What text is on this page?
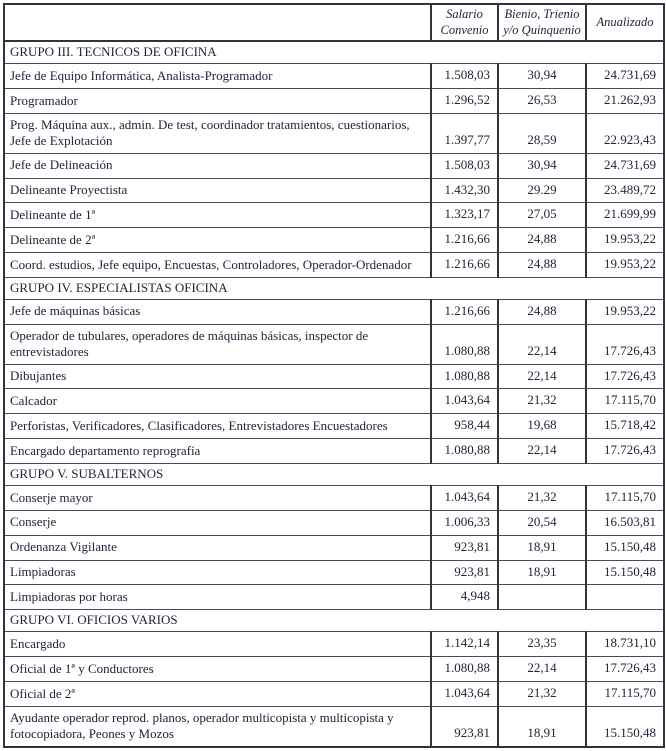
	Salario Convenio	Bienio, Trienio y/o Quinquenio	Anualizado
GRUPO III. TECNICOS DE OFICINA			
Jefe de Equipo Informática, Analista-Programador	1.508,03	30,94	24.731,69
Programador	1.296,52	26,53	21.262,93
Prog. Máquina aux., admin. De test, coordinador tratamientos, cuestionarios, Jefe de Explotación	1.397,77	28,59	22.923,43
Jefe de Delineación	1.508,03	30,94	24.731,69
Delineante Proyectista	1.432,30	29.29	23.489,72
Delineante de 1ª	1.323,17	27,05	21.699,99
Delineante de 2ª	1.216,66	24,88	19.953,22
Coord. estudios, Jefe equipo, Encuestas, Controladores, Operador-Ordenador	1.216,66	24,88	19.953,22
GRUPO IV. ESPECIALISTAS OFICINA			
Jefe de máquinas básicas	1.216,66	24,88	19.953,22
Operador de tubulares, operadores de máquinas básicas, inspector de entrevistadores	1.080,88	22,14	17.726,43
Dibujantes	1.080,88	22,14	17.726,43
Calcador	1.043,64	21,32	17.115,70
Perforistas, Verificadores, Clasificadores, Entrevistadores Encuestadores	958,44	19,68	15.718,42
Encargado departamento reprografía	1.080,88	22,14	17.726,43
GRUPO V. SUBALTERNOS			
Conserje mayor	1.043,64	21,32	17.115,70
Conserje	1.006,33	20,54	16.503,81
Ordenanza Vigilante	923,81	18,91	15.150,48
Limpiadoras	923,81	18,91	15.150,48
Limpiadoras por horas	4,948		
GRUPO VI. OFICIOS VARIOS			
Encargado	1.142,14	23,35	18.731,10
Oficial de 1ª y Conductores	1.080,88	22,14	17.726,43
Oficial de 2ª	1.043,64	21,32	17.115,70
Ayudante operador reprod. planos, operador multicopista y multicopista y fotocopiadora, Peones y Mozos	923,81	18,91	15.150,48
